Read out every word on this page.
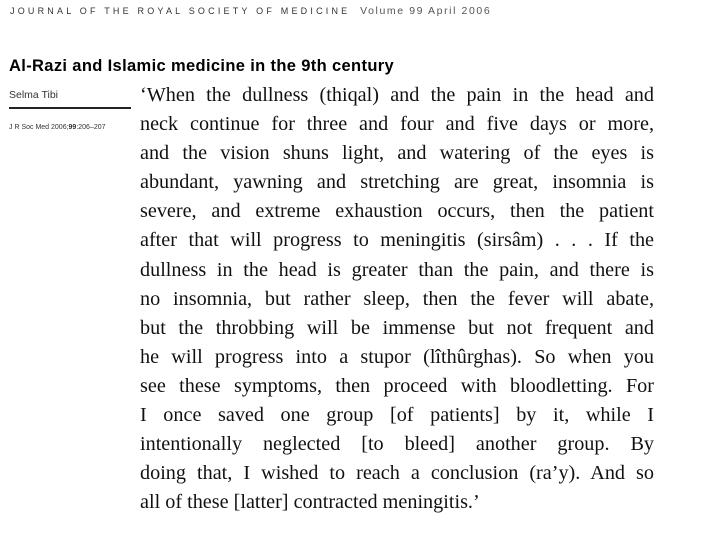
JOURNAL OF THE ROYAL SOCIETY OF MEDICINE Volume 99 April 2006
Al-Razi and Islamic medicine in the 9th century
Selma Tibi
J R Soc Med 2006;99:206–207
‘When the dullness (thiqal) and the pain in the head and
neck continue for three and four and five days or more,
and the vision shuns light, and watering of the eyes is
abundant, yawning and stretching are great, insomnia is
severe, and extreme exhaustion occurs, then the patient
after that will progress to meningitis (sirsâm) . . . If the
dullness in the head is greater than the pain, and there is
no insomnia, but rather sleep, then the fever will abate,
but the throbbing will be immense but not frequent and
he will progress into a stupor (lîthûrghas). So when you
see these symptoms, then proceed with bloodletting. For
I once saved one group [of patients] by it, while I
intentionally neglected [to bleed] another group. By
doing that, I wished to reach a conclusion (ra’y). And so
all of these [latter] contracted meningitis.’
